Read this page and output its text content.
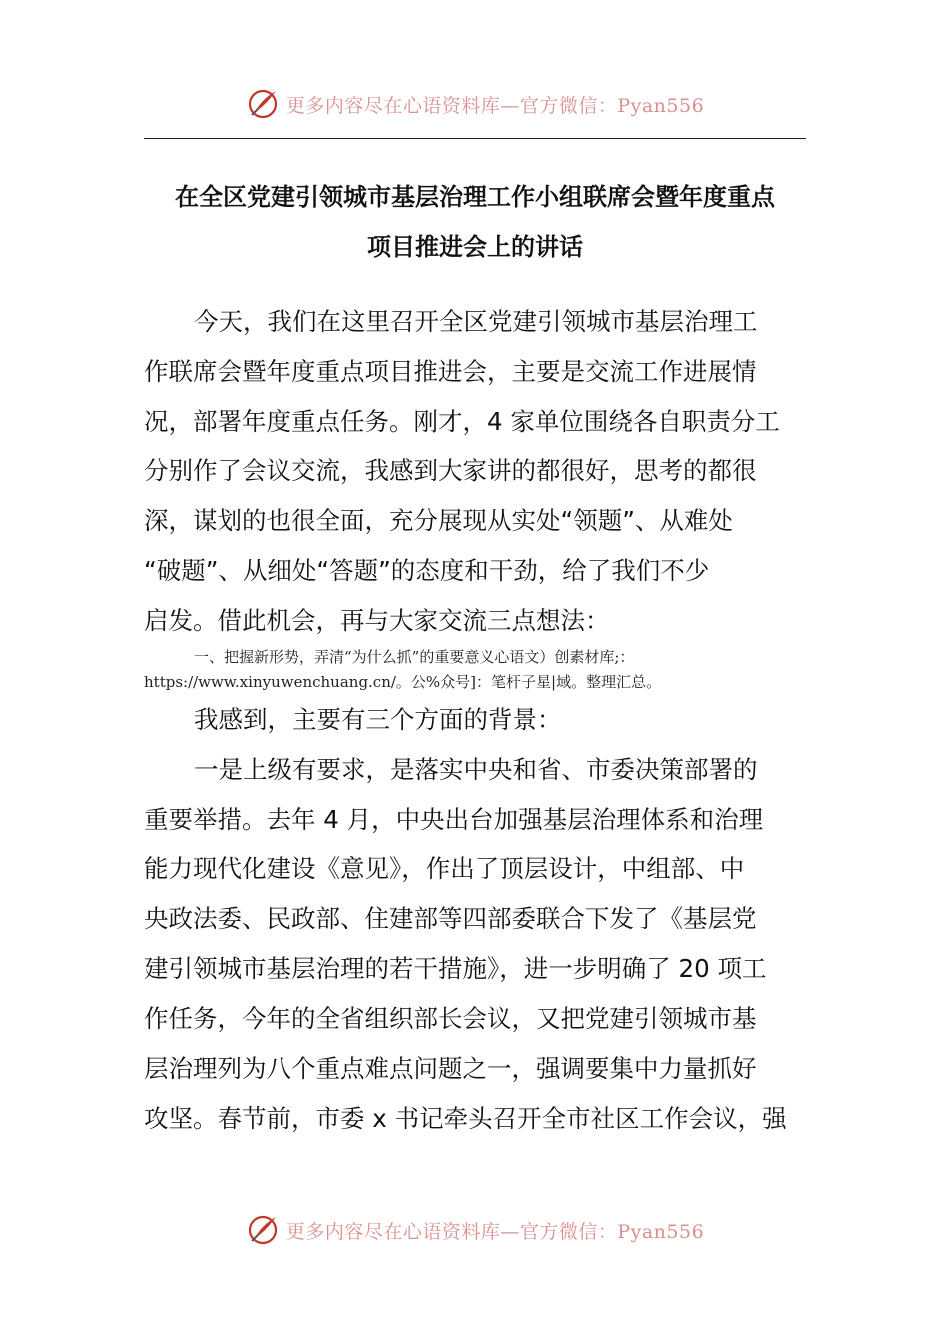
更多内容尽在心语资料库—官方微信：Pyan556
在全区党建引领城市基层治理工作小组联席会暨年度重点
项目推进会上的讲话
今天，我们在这里召开全区党建引领城市基层治理工
作联席会暨年度重点项目推进会，主要是交流工作进展情
况，部署年度重点任务。刚才，4 家单位围绕各自职责分工
分别作了会议交流，我感到大家讲的都很好，思考的都很
深，谋划的也很全面，充分展现从实处“领题”、从难处
“破题”、从细处“答题”的态度和干劲，给了我们不少
启发。借此机会，再与大家交流三点想法：
一、把握新形势，弄清“为什么抓”的重要意义心语文）创素材库;：
https://www.xinyuwenchuang.cn/。公%众号]：笔杆子星|域。整理汇总。
我感到，主要有三个方面的背景：
一是上级有要求，是落实中央和省、市委决策部署的
重要举措。去年 4 月，中央出台加强基层治理体系和治理
能力现代化建设《意见》，作出了顶层设计，中组部、中
央政法委、民政部、住建部等四部委联合下发了《基层党
建引领城市基层治理的若干措施》，进一步明确了 20 项工
作任务，今年的全省组织部长会议，又把党建引领城市基
层治理列为八个重点难点问题之一，强调要集中力量抓好
攻坚。春节前，市委 x 书记牵头召开全市社区工作会议，强
更多内容尽在心语资料库—官方微信：Pyan556
